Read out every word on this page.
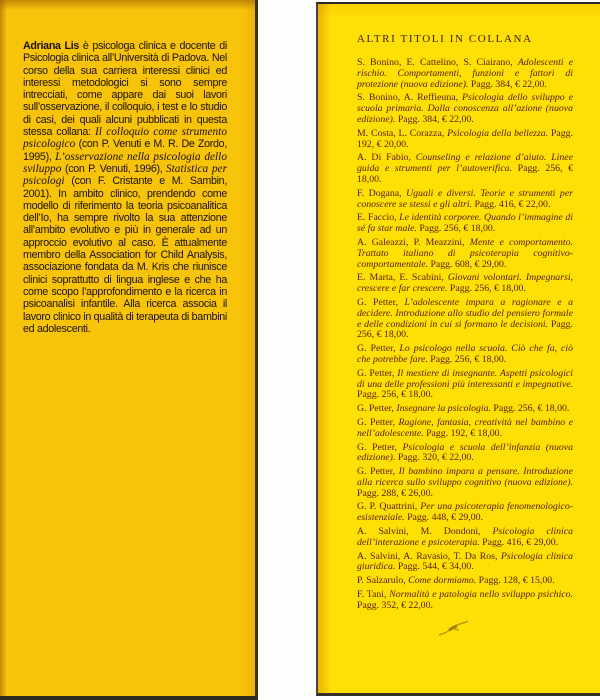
Adriana Lis è psicologa clinica e docente di Psicologia clinica all’Università di Padova. Nel corso della sua carriera interessi clinici ed interessi metodologici si sono sempre intrecciati, come appare dai suoi lavori sull’osservazione, il colloquio, i test e lo studio di casi, dei quali alcuni pubblicati in questa stessa collana: Il colloquio come strumento psicologico (con P. Venuti e M. R. De Zordo, 1995), L’osservazione nella psicologia dello sviluppo (con P. Venuti, 1996), Statistica per psicologi (con F. Cristante e M. Sambin, 2001). In ambito clinico, prendendo come modello di riferimento la teoria psicoanalitica dell’Io, ha sempre rivolto la sua attenzione all’ambito evolutivo e più in generale ad un approccio evolutivo al caso. È attualmente membro della Association for Child Analysis, associazione fondata da M. Kris che riunisce clinici soprattutto di lingua inglese e che ha come scopo l’approfondimento e la ricerca in psicoanalisi infantile. Alla ricerca associa il lavoro clinico in qualità di terapeuta di bambini ed adolescenti.

ALTRI TITOLI IN COLLANA

S. Bonino, E. Cattelino, S. Ciairano, Adolescenti e rischio. Comportamenti, funzioni e fattori di protezione (nuova edizione). Pagg. 384, € 22,00.

S. Bonino, A. Reffieuna, Psicologia dello sviluppo e scuola primaria. Dalla conoscenza all’azione (nuova edizione). Pagg. 384, € 22,00.

M. Costa, L. Corazza, Psicologia della bellezza. Pagg. 192, € 20,00.

A. Di Fabio, Counseling e relazione d’aiuto. Linee guida e strumenti per l’autoverifica. Pagg. 256, € 18,00.

F. Dogana, Uguali e diversi. Teorie e strumenti per conoscere se stessi e gli altri. Pagg. 416, € 22,00.

E. Faccio, Le identità corporee. Quando l’immagine di sé fa star male. Pagg. 256, € 18,00.

A. Galeazzi, P. Meazzini, Mente e comportamento. Trattato italiano di psicoterapia cognitivo-comportamentale. Pagg. 608, € 29,00.

E. Marta, E. Scabini, Giovani volontari. Impegnarsi, crescere e far crescere. Pagg. 256, € 18,00.

G. Petter, L’adolescente impara a ragionare e a decidere. Introduzione allo studio del pensiero formale e delle condizioni in cui si formano le decisioni. Pagg. 256, € 18,00.

G. Petter, Lo psicologo nella scuola. Ciò che fa, ciò che potrebbe fare. Pagg. 256, € 18,00.

G. Petter, Il mestiere di insegnante. Aspetti psicologici di una delle professioni più interessanti e impegnative. Pagg. 256, € 18,00.

G. Petter, Insegnare la psicologia. Pagg. 256, € 18,00.

G. Petter, Ragione, fantasia, creatività nel bambino e nell’adolescente. Pagg. 192, € 18,00.

G. Petter, Psicologia e scuola dell’infanzia (nuova edizione). Pagg. 320, € 22,00.

G. Petter, Il bambino impara a pensare. Introduzione alla ricerca sullo sviluppo cognitivo (nuova edizione). Pagg. 288, € 26,00.

G. P. Quattrini, Per una psicoterapia fenomenologico-esistenziale. Pagg. 448, € 29,00.

A. Salvini, M. Dondoni, Psicologia clinica dell’interazione e psicoterapia. Pagg. 416, € 29,00.

A. Salvini, A. Ravasio, T. Da Ros, Psicologia clinica giuridica. Pagg. 544, € 34,00.

P. Salzarulo, Come dormiamo. Pagg. 128, € 15,00.

F. Tani, Normalità e patologia nello sviluppo psichico. Pagg. 352, € 22,00.
